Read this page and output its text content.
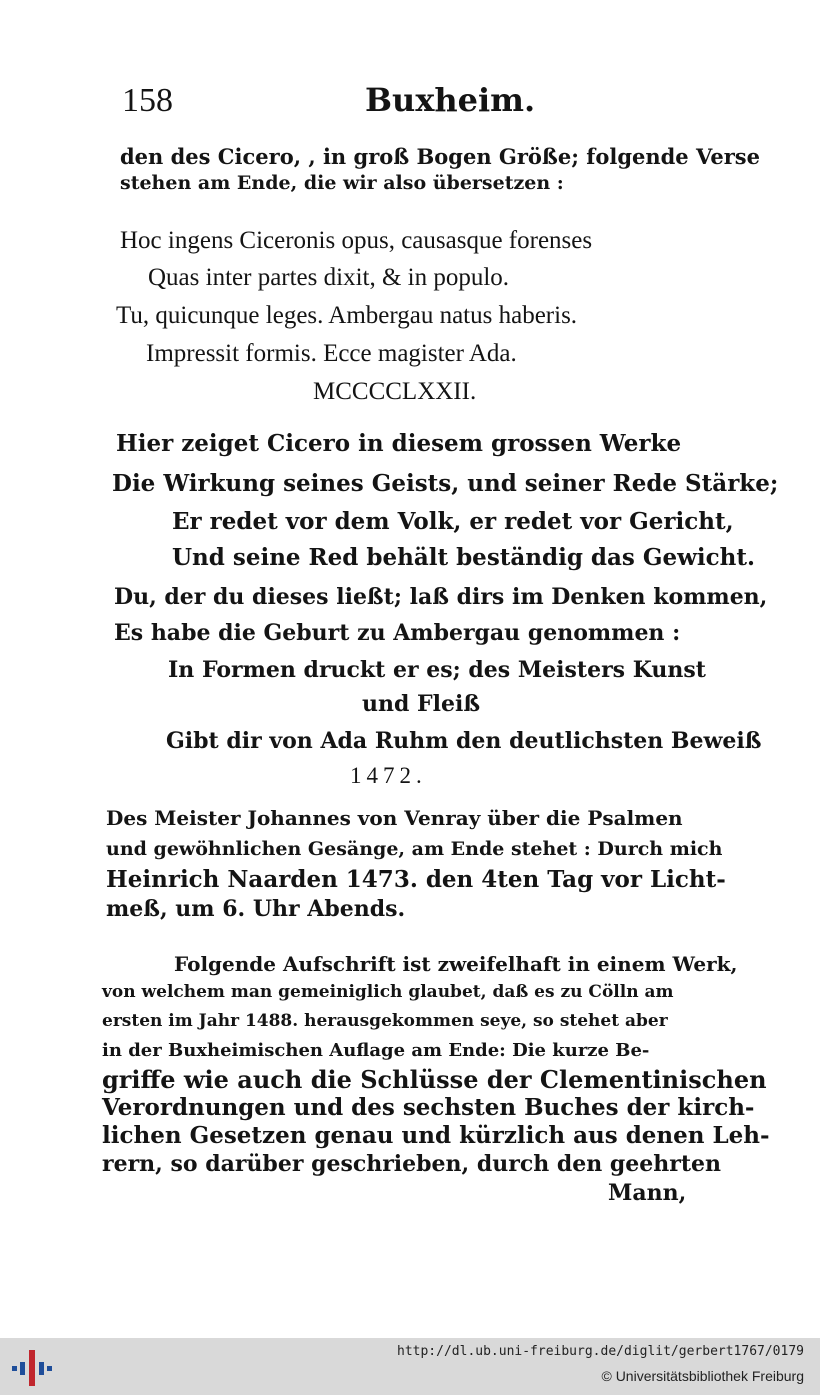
158	Buxheim.
den des Cicero, , in groß Bogen Größe; folgende Verse
stehen am Ende, die wir also übersetzen :
Hoc ingens Ciceronis opus, causasque forenses
Quas inter partes dixit, & in populo.
Tu, quicunque leges. Ambergau natus haberis.
Impressit formis. Ecce magister Ada.
MCCCCLXXII.
Hier zeiget Cicero in diesem grossen Werke
Die Wirkung seines Geists, und seiner Rede Stärke;
Er redet vor dem Volk, er redet vor Gericht,
Und seine Red behält beständig das Gewicht.
Du, der du dieses ließt; laß dirs im Denken kommen,
Es habe die Geburt zu Ambergau genommen :
In Formen druckt er es; des Meisters Kunst
und Fleiß
Gibt dir von Ada Ruhm den deutlichsten Beweiß
1472.
Des Meister Johannes von Venray über die Psalmen
und gewöhnlichen Gesänge, am Ende stehet : Durch mich
Heinrich Naarden 1473. den 4ten Tag vor Licht-
meß, um 6. Uhr Abends.
Folgende Aufschrift ist zweifelhaft in einem Werk,
von welchem man gemeiniglich glaubet, daß es zu Cölln am
ersten im Jahr 1488. herausgekommen seye, so stehet aber
in der Buxheimischen Auflage am Ende: Die kurze Be-
griffe wie auch die Schlüsse der Clementinischen
Verordnungen und des sechsten Buches der kirch-
lichen Gesetzen genau und kürzlich aus denen Leh-
rern, so darüber geschrieben, durch den geehrten
Mann,
http://dl.ub.uni-freiburg.de/diglit/gerbert1767/0179
© Universitätsbibliothek Freiburg
